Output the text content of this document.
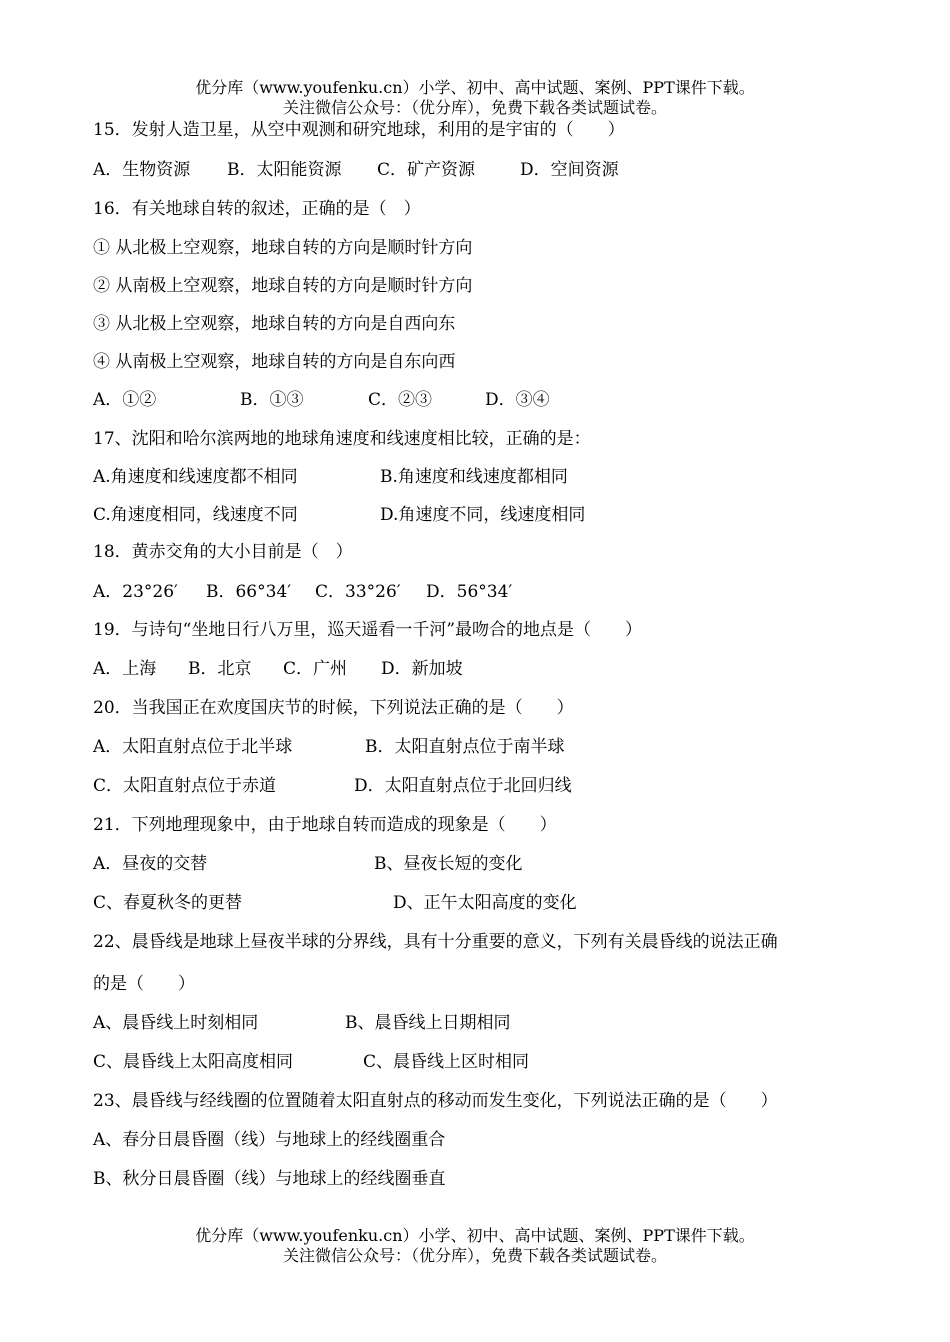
优分库（www.youfenku.cn）小学、初中、高中试题、案例、PPT课件下载。
关注微信公众号：（优分库），免费下载各类试题试卷。
15．发射人造卫星，从空中观测和研究地球，利用的是宇宙的（　　）
A．生物资源 B．太阳能资源 C．矿产资源	D．空间资源
16．有关地球自转的叙述，正确的是（　）
① 从北极上空观察，地球自转的方向是顺时针方向
② 从南极上空观察，地球自转的方向是顺时针方向
③ 从北极上空观察，地球自转的方向是自西向东
④ 从南极上空观察，地球自转的方向是自东向西
A．①②	B．①③	C．②③	D．③④
17、沈阳和哈尔滨两地的地球角速度和线速度相比较，正确的是：
A.角速度和线速度都不相同	B.角速度和线速度都相同
C.角速度相同，线速度不同	D.角速度不同，线速度相同
18．黄赤交角的大小目前是（　）
A．23°26′ B．66°34′ C．33°26′ D．56°34′
19．与诗句“坐地日行八万里，巡天遥看一千河”最吻合的地点是（　　）
A．上海 B．北京 C．广州 D．新加坡
20．当我国正在欢度国庆节的时候，下列说法正确的是（　　）
A．太阳直射点位于北半球	B．太阳直射点位于南半球
C．太阳直射点位于赤道	D．太阳直射点位于北回归线
21．下列地理现象中，由于地球自转而造成的现象是（　　）
A．昼夜的交替	B、昼夜长短的变化
C、春夏秋冬的更替	D、正午太阳高度的变化
22、晨昏线是地球上昼夜半球的分界线，具有十分重要的意义，下列有关晨昏线的说法正确
的是（　　）
A、晨昏线上时刻相同	B、晨昏线上日期相同
C、晨昏线上太阳高度相同	C、晨昏线上区时相同
23、晨昏线与经线圈的位置随着太阳直射点的移动而发生变化，下列说法正确的是（　　）
A、春分日晨昏圈（线）与地球上的经线圈重合
B、秋分日晨昏圈（线）与地球上的经线圈垂直
优分库（www.youfenku.cn）小学、初中、高中试题、案例、PPT课件下载。
关注微信公众号：（优分库），免费下载各类试题试卷。
